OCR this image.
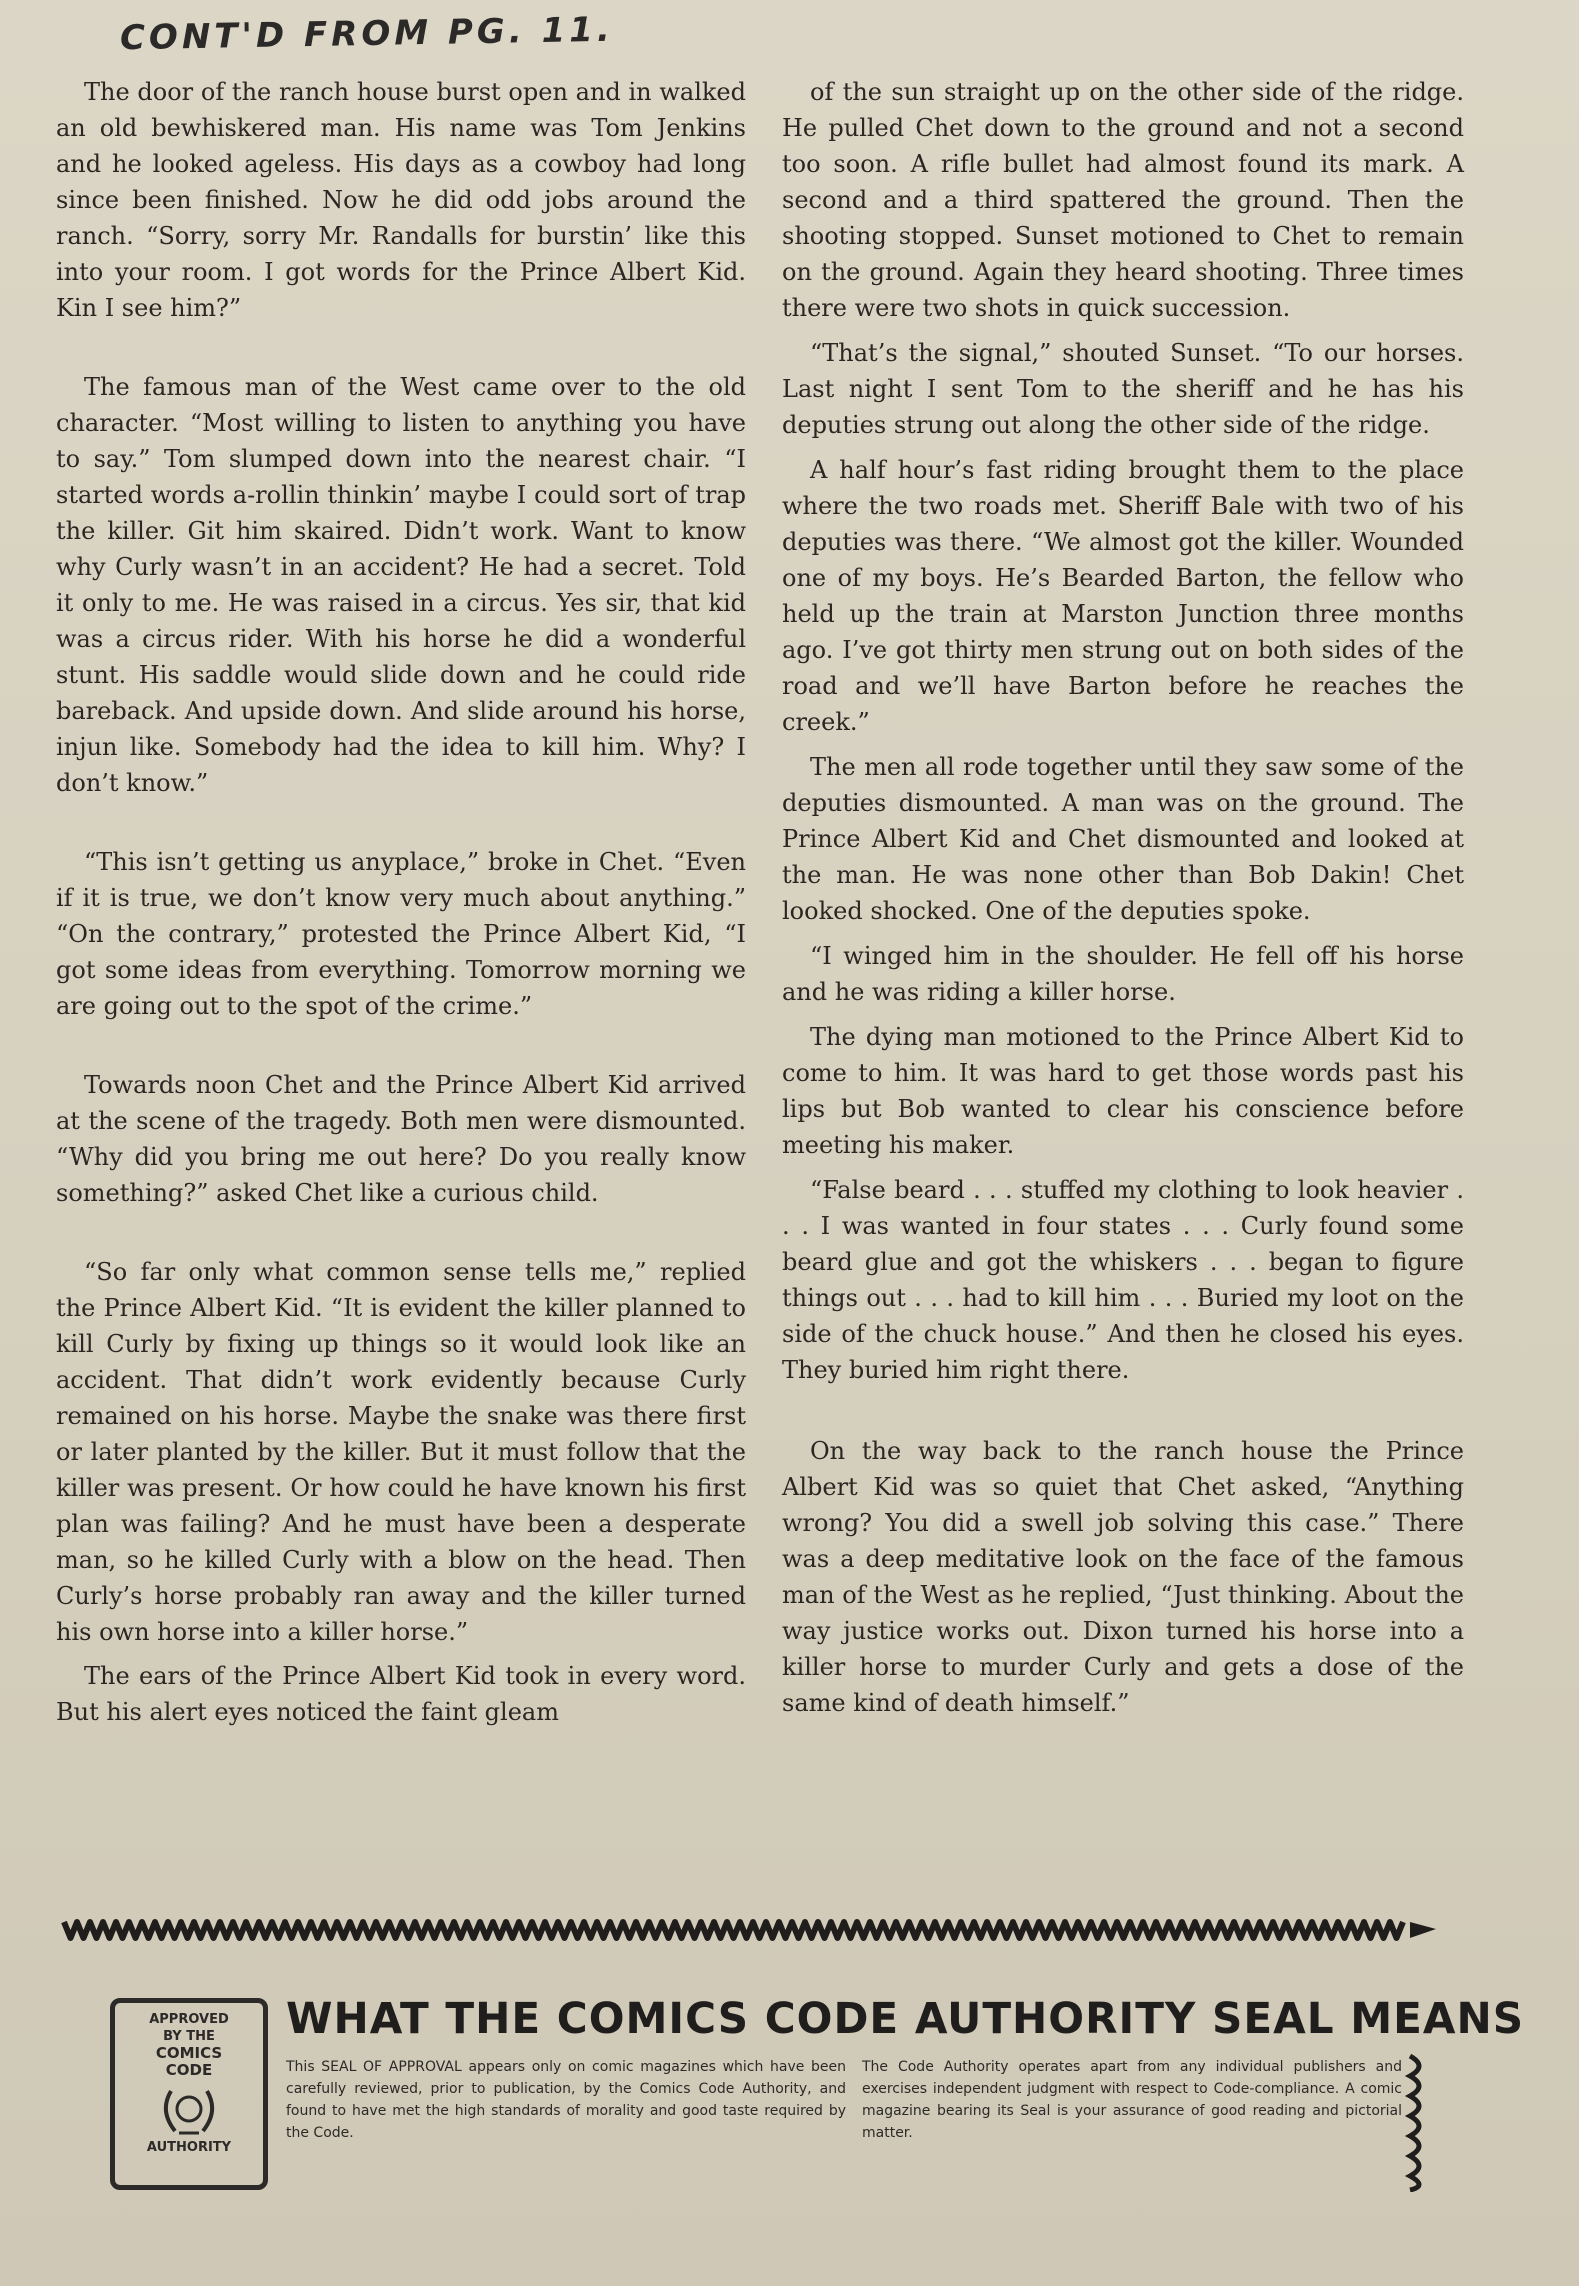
CONT'D FROM PG. 11.

The door of the ranch house burst open and in walked an old bewhiskered man. His name was Tom Jenkins and he looked ageless. His days as a cowboy had long since been finished. Now he did odd jobs around the ranch. “Sorry, sorry Mr. Randalls for burstin’ like this into your room. I got words for the Prince Albert Kid. Kin I see him?”

The famous man of the West came over to the old character. “Most willing to listen to anything you have to say.” Tom slumped down into the nearest chair. “I started words a-rollin thinkin’ maybe I could sort of trap the killer. Git him skaired. Didn’t work. Want to know why Curly wasn’t in an accident? He had a secret. Told it only to me. He was raised in a circus. Yes sir, that kid was a circus rider. With his horse he did a wonderful stunt. His saddle would slide down and he could ride bareback. And upside down. And slide around his horse, injun like. Somebody had the idea to kill him. Why? I don’t know.”

“This isn’t getting us anyplace,” broke in Chet. “Even if it is true, we don’t know very much about anything.” “On the contrary,” protested the Prince Albert Kid, “I got some ideas from everything. Tomorrow morning we are going out to the spot of the crime.”

Towards noon Chet and the Prince Albert Kid arrived at the scene of the tragedy. Both men were dismounted. “Why did you bring me out here? Do you really know something?” asked Chet like a curious child.

“So far only what common sense tells me,” replied the Prince Albert Kid. “It is evident the killer planned to kill Curly by fixing up things so it would look like an accident. That didn’t work evidently because Curly remained on his horse. Maybe the snake was there first or later planted by the killer. But it must follow that the killer was present. Or how could he have known his first plan was failing? And he must have been a desperate man, so he killed Curly with a blow on the head. Then Curly’s horse probably ran away and the killer turned his own horse into a killer horse.”

The ears of the Prince Albert Kid took in every word. But his alert eyes noticed the faint gleam

of the sun straight up on the other side of the ridge. He pulled Chet down to the ground and not a second too soon. A rifle bullet had almost found its mark. A second and a third spattered the ground. Then the shooting stopped. Sunset motioned to Chet to remain on the ground. Again they heard shooting. Three times there were two shots in quick succession.

“That’s the signal,” shouted Sunset. “To our horses. Last night I sent Tom to the sheriff and he has his deputies strung out along the other side of the ridge.

A half hour’s fast riding brought them to the place where the two roads met. Sheriff Bale with two of his deputies was there. “We almost got the killer. Wounded one of my boys. He’s Bearded Barton, the fellow who held up the train at Marston Junction three months ago. I’ve got thirty men strung out on both sides of the road and we’ll have Barton before he reaches the creek.”

The men all rode together until they saw some of the deputies dismounted. A man was on the ground. The Prince Albert Kid and Chet dismounted and looked at the man. He was none other than Bob Dakin! Chet looked shocked. One of the deputies spoke.

“I winged him in the shoulder. He fell off his horse and he was riding a killer horse.

The dying man motioned to the Prince Albert Kid to come to him. It was hard to get those words past his lips but Bob wanted to clear his conscience before meeting his maker.

“False beard . . . stuffed my clothing to look heavier . . . I was wanted in four states . . . Curly found some beard glue and got the whiskers . . . began to figure things out . . . had to kill him . . . Buried my loot on the side of the chuck house.” And then he closed his eyes. They buried him right there.

On the way back to the ranch house the Prince Albert Kid was so quiet that Chet asked, “Anything wrong? You did a swell job solving this case.” There was a deep meditative look on the face of the famous man of the West as he replied, “Just thinking. About the way justice works out. Dixon turned his horse into a killer horse to murder Curly and gets a dose of the same kind of death himself.”

APPROVED
BY THE

COMICS
CODE
AUTHORITY
WHAT THE COMICS CODE AUTHORITY SEAL MEANS
This SEAL OF APPROVAL appears only on comic magazines which have been carefully reviewed, prior to publication, by the Comics Code Authority, and found to have met the high standards of morality and good taste required by the Code.
The Code Authority operates apart from any individual publishers and exercises independent judgment with respect to Code-compliance. A comic magazine bearing its Seal is your assurance of good reading and pictorial matter.
